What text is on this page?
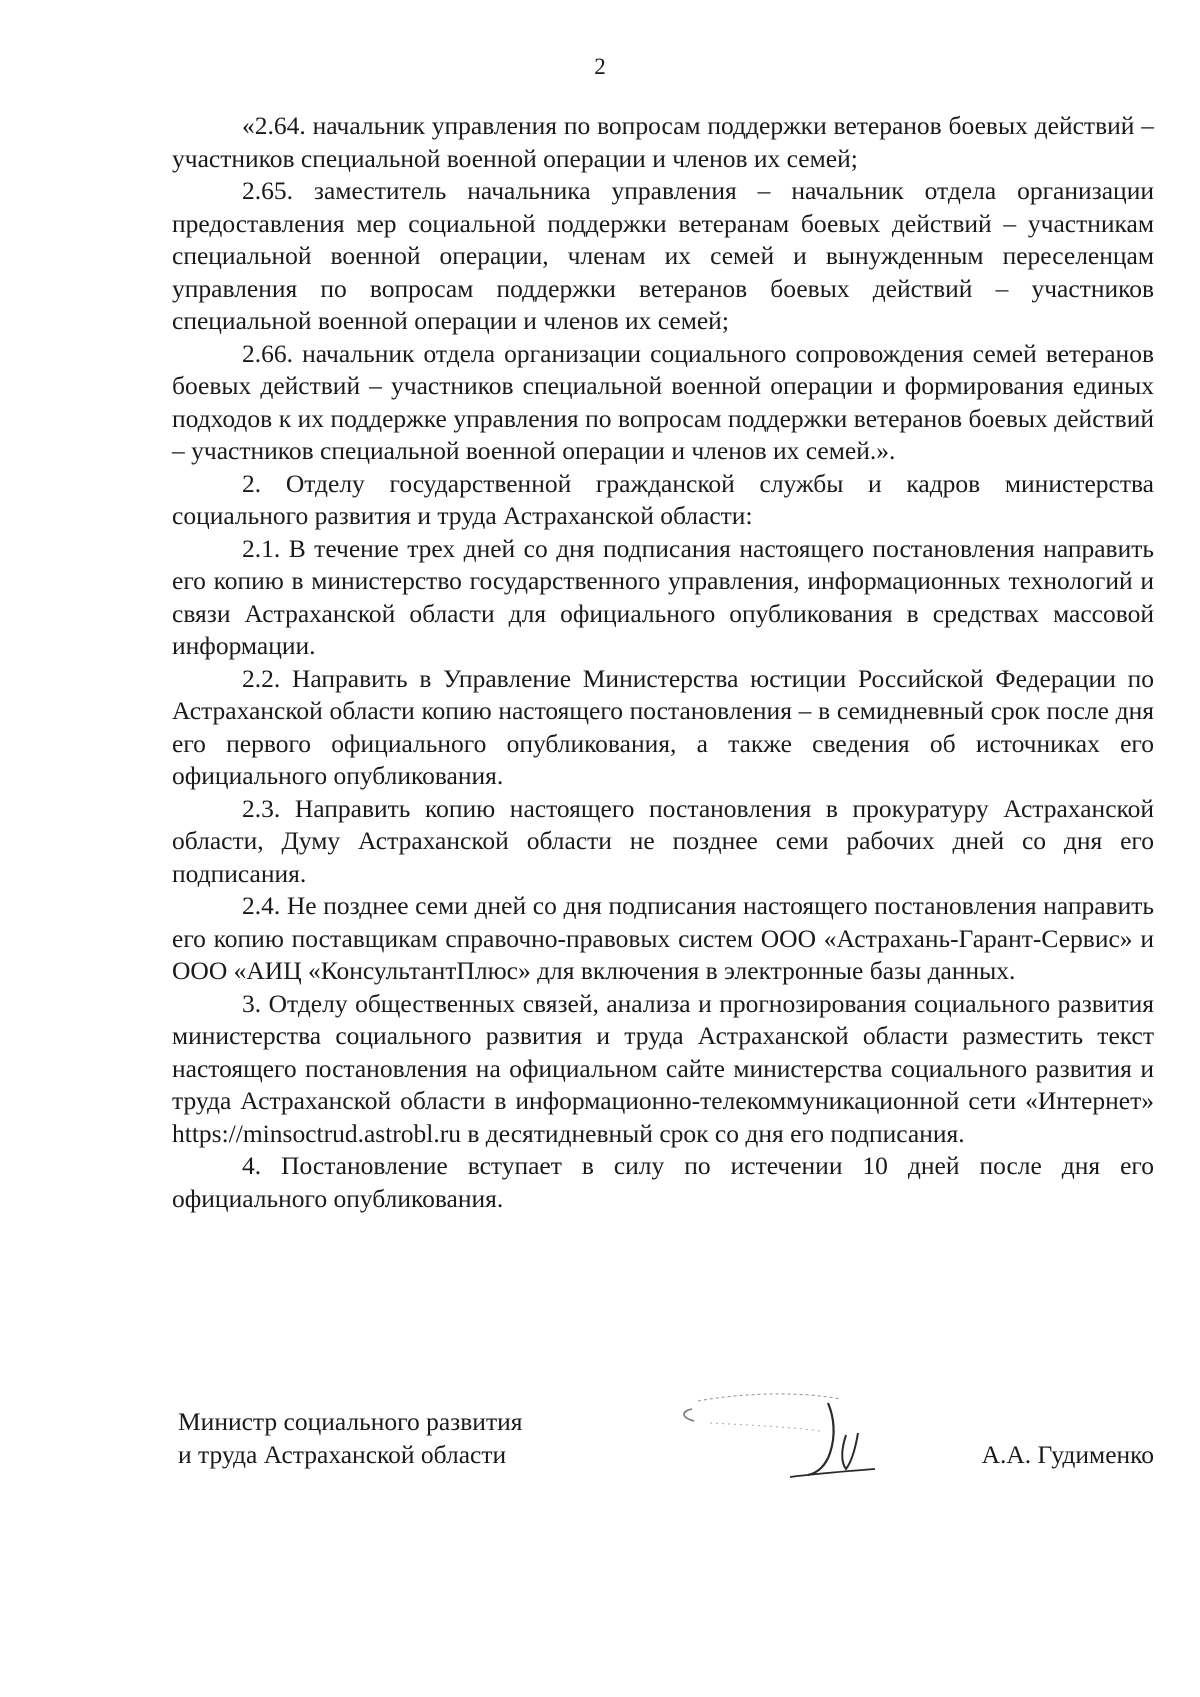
2

«2.64. начальник управления по вопросам поддержки ветеранов боевых действий – участников специальной военной операции и членов их семей;

2.65. заместитель начальника управления – начальник отдела организации предоставления мер социальной поддержки ветеранам боевых действий – участникам специальной военной операции, членам их семей и вынужденным переселенцам управления по вопросам поддержки ветеранов боевых действий – участников специальной военной операции и членов их семей;

2.66. начальник отдела организации социального сопровождения семей ветеранов боевых действий – участников специальной военной операции и формирования единых подходов к их поддержке управления по вопросам поддержки ветеранов боевых действий – участников специальной военной операции и членов их семей.».

2. Отделу государственной гражданской службы и кадров министерства социального развития и труда Астраханской области:

2.1. В течение трех дней со дня подписания настоящего постановления направить его копию в министерство государственного управления, информационных технологий и связи Астраханской области для официального опубликования в средствах массовой информации.

2.2. Направить в Управление Министерства юстиции Российской Федерации по Астраханской области копию настоящего постановления – в семидневный срок после дня его первого официального опубликования, а также сведения об источниках его официального опубликования.

2.3. Направить копию настоящего постановления в прокуратуру Астраханской области, Думу Астраханской области не позднее семи рабочих дней со дня его подписания.

2.4. Не позднее семи дней со дня подписания настоящего постановления направить его копию поставщикам справочно-правовых систем ООО «Астрахань-Гарант-Сервис» и ООО «АИЦ «КонсультантПлюс» для включения в электронные базы данных.

3. Отделу общественных связей, анализа и прогнозирования социального развития министерства социального развития и труда Астраханской области разместить текст настоящего постановления на официальном сайте министерства социального развития и труда Астраханской области в информационно-телекоммуникационной сети «Интернет» https://minsoctrud.astrobl.ru в десятидневный срок со дня его подписания.

4. Постановление вступает в силу по истечении 10 дней после дня его официального опубликования.

Министр социального развития
и труда Астраханской области	А.А. Гудименко
